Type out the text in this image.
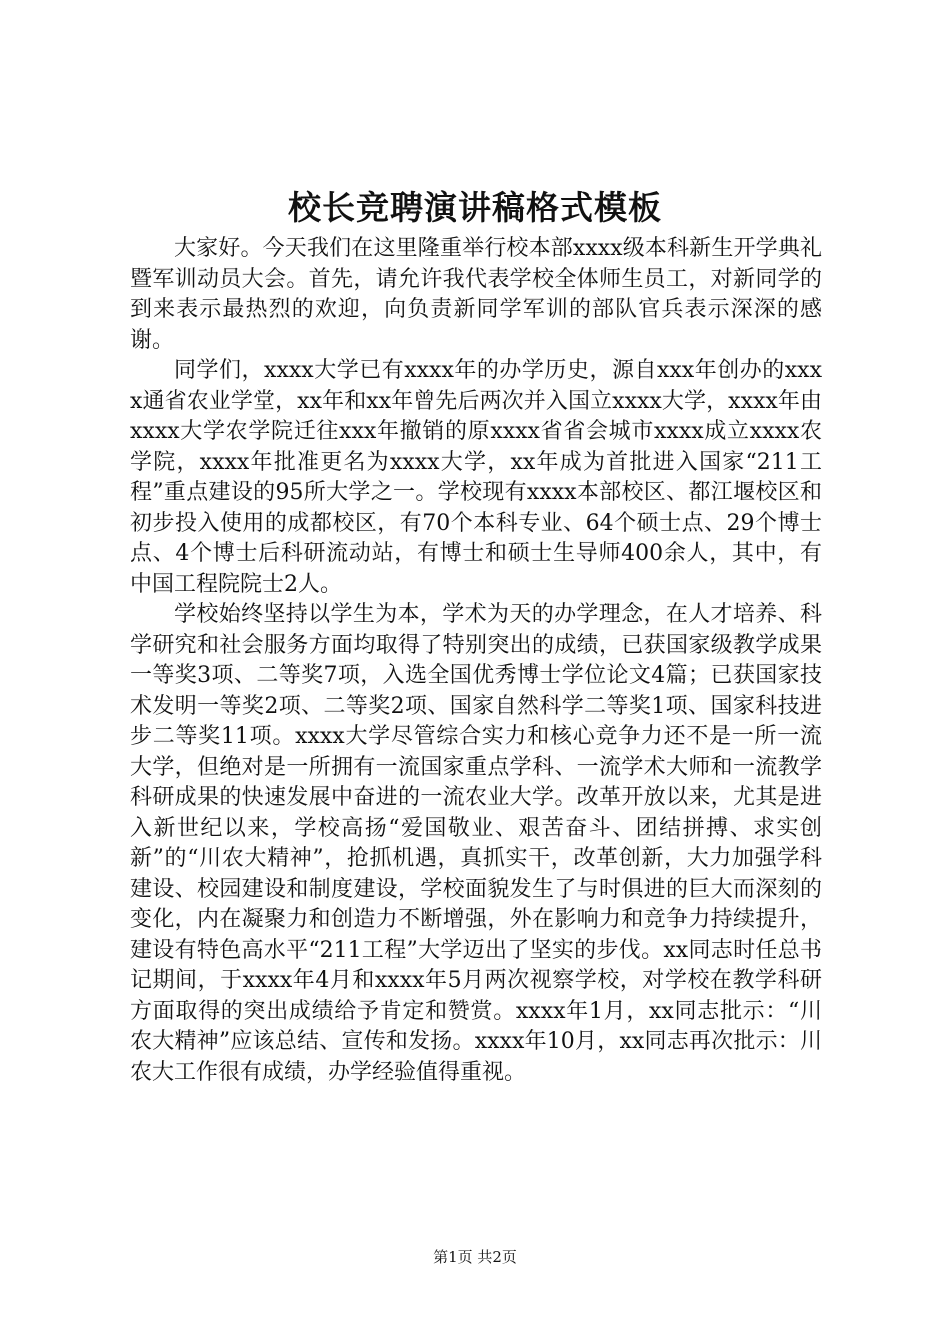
校长竞聘演讲稿格式模板

大家好。今天我们在这里隆重举行校本部xxxx级本科新生开学典礼暨军训动员大会。首先，请允许我代表学校全体师生员工，对新同学的到来表示最热烈的欢迎，向负责新同学军训的部队官兵表示深深的感谢。

同学们，xxxx大学已有xxxx年的办学历史，源自xxx年创办的xxxx通省农业学堂，xx年和xx年曾先后两次并入国立xxxx大学，xxxx年由xxxx大学农学院迁往xxx年撤销的原xxxx省省会城市xxxx成立xxxx农学院，xxxx年批准更名为xxxx大学，xx年成为首批进入国家“211工程”重点建设的95所大学之一。学校现有xxxx本部校区、都江堰校区和初步投入使用的成都校区，有70个本科专业、64个硕士点、29个博士点、4个博士后科研流动站，有博士和硕士生导师400余人，其中，有中国工程院院士2人。

学校始终坚持以学生为本，学术为天的办学理念，在人才培养、科学研究和社会服务方面均取得了特别突出的成绩，已获国家级教学成果一等奖3项、二等奖7项，入选全国优秀博士学位论文4篇；已获国家技术发明一等奖2项、二等奖2项、国家自然科学二等奖1项、国家科技进步二等奖11项。xxxx大学尽管综合实力和核心竞争力还不是一所一流大学，但绝对是一所拥有一流国家重点学科、一流学术大师和一流教学科研成果的快速发展中奋进的一流农业大学。改革开放以来，尤其是进入新世纪以来，学校高扬“爱国敬业、艰苦奋斗、团结拼搏、求实创新”的“川农大精神”，抢抓机遇，真抓实干，改革创新，大力加强学科建设、校园建设和制度建设，学校面貌发生了与时俱进的巨大而深刻的变化，内在凝聚力和创造力不断增强，外在影响力和竞争力持续提升，建设有特色高水平“211工程”大学迈出了坚实的步伐。xx同志时任总书记期间，于xxxx年4月和xxxx年5月两次视察学校，对学校在教学科研方面取得的突出成绩给予肯定和赞赏。xxxx年1月，xx同志批示：“川农大精神”应该总结、宣传和发扬。xxxx年10月，xx同志再次批示：川农大工作很有成绩，办学经验值得重视。

第1页 共2页
